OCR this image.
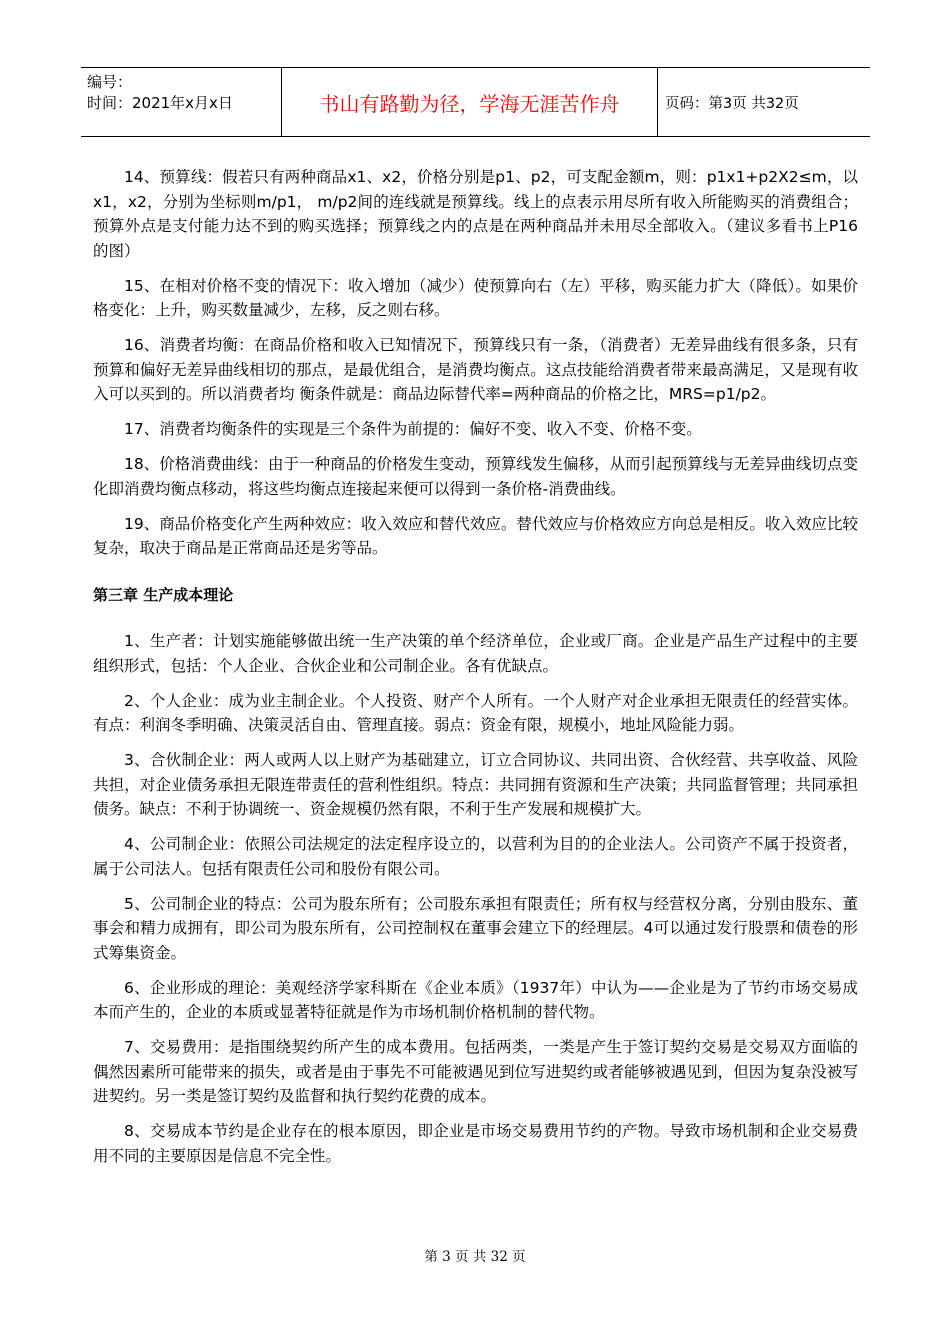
编号：
时间：2021年x月x日	书山有路勤为径，学海无涯苦作舟	页码：第3页 共32页

14、预算线：假若只有两种商品x1、x2，价格分别是p1、p2，可支配金额m，则：p1x1+p2X2≤m，以x1，x2，分别为坐标则m/p1， m/p2间的连线就是预算线。线上的点表示用尽所有收入所能购买的消费组合；预算外点是支付能力达不到的购买选择；预算线之内的点是在两种商品并未用尽全部收入。（建议多看书上P16的图）

15、在相对价格不变的情况下：收入增加（减少）使预算向右（左）平移，购买能力扩大（降低）。如果价格变化：上升，购买数量减少，左移，反之则右移。

16、消费者均衡：在商品价格和收入已知情况下，预算线只有一条，（消费者）无差异曲线有很多条，只有预算和偏好无差异曲线相切的那点，是最优组合，是消费均衡点。这点技能给消费者带来最高满足，又是现有收入可以买到的。所以消费者均 衡条件就是：商品边际替代率=两种商品的价格之比，MRS=p1/p2。

17、消费者均衡条件的实现是三个条件为前提的：偏好不变、收入不变、价格不变。

18、价格消费曲线：由于一种商品的价格发生变动，预算线发生偏移，从而引起预算线与无差异曲线切点变化即消费均衡点移动，将这些均衡点连接起来便可以得到一条价格-消费曲线。

19、商品价格变化产生两种效应：收入效应和替代效应。替代效应与价格效应方向总是相反。收入效应比较复杂，取决于商品是正常商品还是劣等品。

第三章 生产成本理论

1、生产者：计划实施能够做出统一生产决策的单个经济单位，企业或厂商。企业是产品生产过程中的主要组织形式，包括：个人企业、合伙企业和公司制企业。各有优缺点。

2、个人企业：成为业主制企业。个人投资、财产个人所有。一个人财产对企业承担无限责任的经营实体。有点：利润冬季明确、决策灵活自由、管理直接。弱点：资金有限，规模小，地址风险能力弱。

3、合伙制企业：两人或两人以上财产为基础建立，订立合同协议、共同出资、合伙经营、共享收益、风险共担，对企业债务承担无限连带责任的营利性组织。特点：共同拥有资源和生产决策；共同监督管理；共同承担债务。缺点：不利于协调统一、资金规模仍然有限，不利于生产发展和规模扩大。

4、公司制企业：依照公司法规定的法定程序设立的，以营利为目的的企业法人。公司资产不属于投资者，属于公司法人。包括有限责任公司和股份有限公司。

5、公司制企业的特点：公司为股东所有；公司股东承担有限责任；所有权与经营权分离，分别由股东、董事会和精力成拥有，即公司为股东所有，公司控制权在董事会建立下的经理层。4可以通过发行股票和债卷的形式筹集资金。

6、企业形成的理论：美观经济学家科斯在《企业本质》（1937年）中认为——企业是为了节约市场交易成本而产生的，企业的本质或显著特征就是作为市场机制价格机制的替代物。

7、交易费用：是指围绕契约所产生的成本费用。包括两类，一类是产生于签订契约交易是交易双方面临的偶然因素所可能带来的损失，或者是由于事先不可能被遇见到位写进契约或者能够被遇见到，但因为复杂没被写进契约。另一类是签订契约及监督和执行契约花费的成本。

8、交易成本节约是企业存在的根本原因，即企业是市场交易费用节约的产物。导致市场机制和企业交易费用不同的主要原因是信息不完全性。

第 3 页 共 32 页
